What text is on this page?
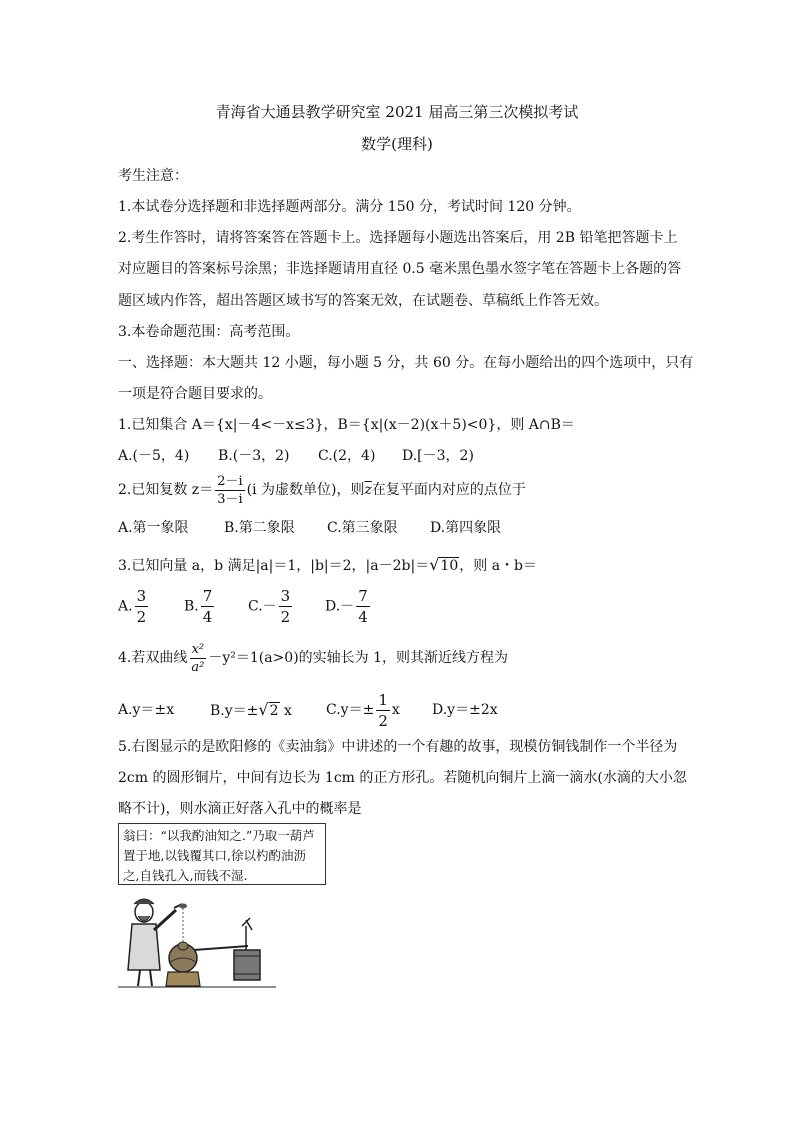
青海省大通县教学研究室 2021 届高三第三次模拟考试
数学(理科)
考生注意：
1.本试卷分选择题和非选择题两部分。满分 150 分，考试时间 120 分钟。
2.考生作答时，请将答案答在答题卡上。选择题每小题选出答案后，用 2B 铅笔把答题卡上
对应题目的答案标号涂黑；非选择题请用直径 0.5 毫米黑色墨水签字笔在答题卡上各题的答
题区域内作答，超出答题区域书写的答案无效，在试题卷、草稿纸上作答无效。
3.本卷命题范围：高考范围。
一、选择题：本大题共 12 小题，每小题 5 分，共 60 分。在每小题给出的四个选项中，只有
一项是符合题目要求的。
1.已知集合 A＝{x|－4<－x≤3}，B＝{x|(x－2)(x＋5)<0}，则 A∩B＝
A.(－5，4) B.(－3，2) C.(2，4) D.[－3，2)
2.已知复数 $z= \frac{2-i}{3-i} (i$ 为虚数单位)，则$\overline{z}$在复平面内对应的点位于
A.第一象限	B.第二象限 C.第三象限 D.第四象限
3.已知向量 a，b 满足|a|＝1，|b|＝2，|a－2b|＝√10，则 a・b＝
A. $\frac{3}{2}$	B. $\frac{7}{4} C.- \frac{3}{2} D.- \frac{7}{4}$
4.若双曲线 $\frac{\text{x²}}{\text{a²}} -y^2=1(a>0)$的实轴长为 1，则其渐近线方程为
A.y＝±x	B.y＝±√2 x $C.y=\pm \frac{1}{2}$ x D.y＝±2x
5.右图显示的是欧阳修的《卖油翁》中讲述的一个有趣的故事，现模仿铜钱制作一个半径为
2cm 的圆形铜片，中间有边长为 1cm 的正方形孔。若随机向铜片上滴一滴水(水滴的大小忽
略不计)，则水滴正好落入孔中的概率是
翁曰：“以我酌油知之.”乃取一葫芦
置于地,以钱覆其口,徐以杓酌油沥
之,自钱孔入,而钱不湿.
